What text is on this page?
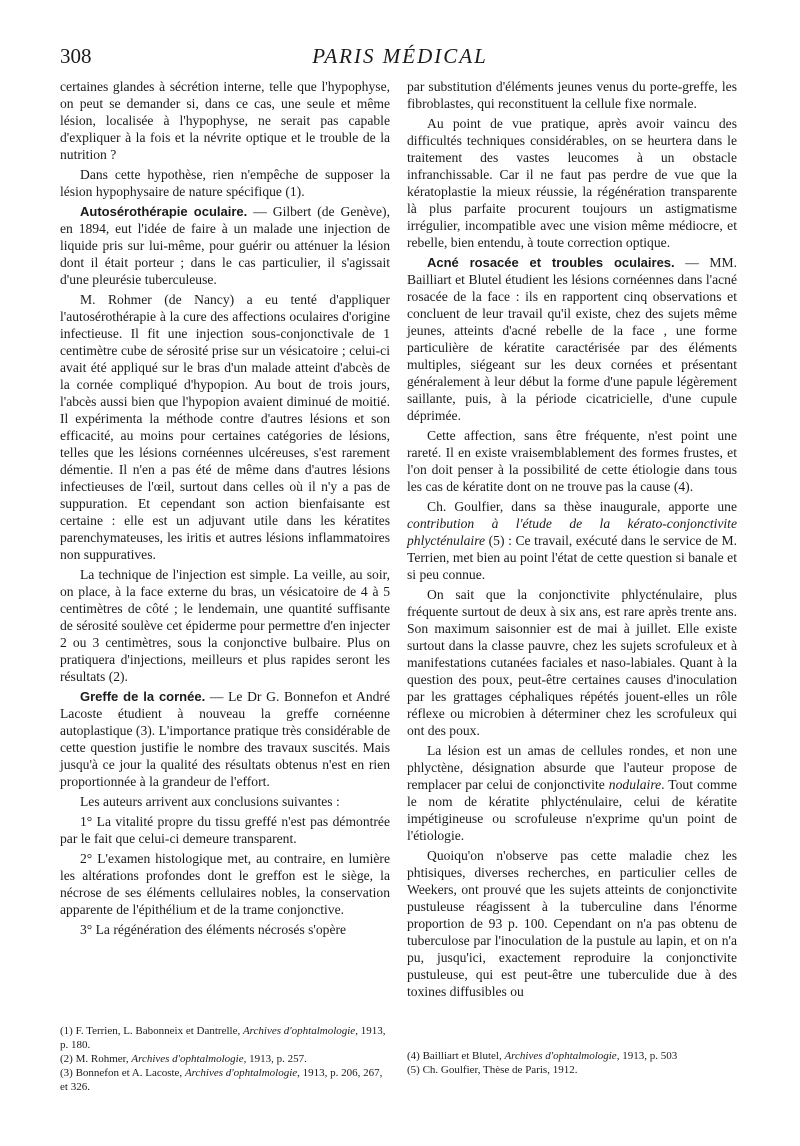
308	PARIS MÉDICAL

certaines glandes à sécrétion interne, telle que l'hypophyse, on peut se demander si, dans ce cas, une seule et même lésion, localisée à l'hypophyse, ne serait pas capable d'expliquer à la fois et la névrite optique et le trouble de la nutrition ?

Dans cette hypothèse, rien n'empêche de supposer la lésion hypophysaire de nature spécifique (1).

Autosérothérapie oculaire. — Gilbert (de Genève), en 1894, eut l'idée de faire à un malade une injection de liquide pris sur lui-même, pour guérir ou atténuer la lésion dont il était porteur ; dans le cas particulier, il s'agissait d'une pleurésie tuberculeuse.

M. Rohmer (de Nancy) a eu tenté d'appliquer l'autosérothérapie à la cure des affections oculaires d'origine infectieuse. Il fit une injection sous-conjonctivale de 1 centimètre cube de sérosité prise sur un vésicatoire ; celui-ci avait été appliqué sur le bras d'un malade atteint d'abcès de la cornée compliqué d'hypopion. Au bout de trois jours, l'abcès aussi bien que l'hypopion avaient diminué de moitié. Il expérimenta la méthode contre d'autres lésions et son efficacité, au moins pour certaines catégories de lésions, telles que les lésions cornéennes ulcéreuses, s'est rarement démentie. Il n'en a pas été de même dans d'autres lésions infectieuses de l'œil, surtout dans celles où il n'y a pas de suppuration. Et cependant son action bienfaisante est certaine : elle est un adjuvant utile dans les kératites parenchymateuses, les iritis et autres lésions inflammatoires non suppuratives.

La technique de l'injection est simple. La veille, au soir, on place, à la face externe du bras, un vésicatoire de 4 à 5 centimètres de côté ; le lendemain, une quantité suffisante de sérosité soulève cet épiderme pour permettre d'en injecter 2 ou 3 centimètres, sous la conjonctive bulbaire. Plus on pratiquera d'injections, meilleurs et plus rapides seront les résultats (2).

Greffe de la cornée. — Le Dr G. Bonnefon et André Lacoste étudient à nouveau la greffe cornéenne autoplastique (3). L'importance pratique très considérable de cette question justifie le nombre des travaux suscités. Mais jusqu'à ce jour la qualité des résultats obtenus n'est en rien proportionnée à la grandeur de l'effort.

Les auteurs arrivent aux conclusions suivantes :

1° La vitalité propre du tissu greffé n'est pas démontrée par le fait que celui-ci demeure transparent.

2° L'examen histologique met, au contraire, en lumière les altérations profondes dont le greffon est le siège, la nécrose de ses éléments cellulaires nobles, la conservation apparente de l'épithélium et de la trame conjonctive.

3° La régénération des éléments nécrosés s'opère

par substitution d'éléments jeunes venus du porte-greffe, les fibroblastes, qui reconstituent la cellule fixe normale.

Au point de vue pratique, après avoir vaincu des difficultés techniques considérables, on se heurtera dans le traitement des vastes leucomes à un obstacle infranchissable. Car il ne faut pas perdre de vue que la kératoplastie la mieux réussie, la régénération transparente là plus parfaite procurent toujours un astigmatisme irrégulier, incompatible avec une vision même médiocre, et rebelle, bien entendu, à toute correction optique.

Acné rosacée et troubles oculaires. — MM. Bailliart et Blutel étudient les lésions cornéennes dans l'acné rosacée de la face : ils en rapportent cinq observations et concluent de leur travail qu'il existe, chez des sujets même jeunes, atteints d'acné rebelle de la face , une forme particulière de kératite caractérisée par des éléments multiples, siégeant sur les deux cornées et présentant généralement à leur début la forme d'une papule légèrement saillante, puis, à la période cicatricielle, d'une cupule déprimée.

Cette affection, sans être fréquente, n'est point une rareté. Il en existe vraisemblablement des formes frustes, et l'on doit penser à la possibilité de cette étiologie dans tous les cas de kératite dont on ne trouve pas la cause (4).

Ch. Goulfier, dans sa thèse inaugurale, apporte une contribution à l'étude de la kérato-conjonctivite phlycténulaire (5) : Ce travail, exécuté dans le service de M. Terrien, met bien au point l'état de cette question si banale et si peu connue.

On sait que la conjonctivite phlycténulaire, plus fréquente surtout de deux à six ans, est rare après trente ans. Son maximum saisonnier est de mai à juillet. Elle existe surtout dans la classe pauvre, chez les sujets scrofuleux et à manifestations cutanées faciales et naso-labiales. Quant à la question des poux, peut-être certaines causes d'inoculation par les grattages céphaliques répétés jouent-elles un rôle réflexe ou microbien à déterminer chez les scrofuleux qui ont des poux.

La lésion est un amas de cellules rondes, et non une phlyctène, désignation absurde que l'auteur propose de remplacer par celui de conjonctivite nodulaire. Tout comme le nom de kératite phlycténulaire, celui de kératite impétigineuse ou scrofuleuse n'exprime qu'un point de l'étiologie.

Quoiqu'on n'observe pas cette maladie chez les phtisiques, diverses recherches, en particulier celles de Weekers, ont prouvé que les sujets atteints de conjonctivite pustuleuse réagissent à la tuberculine dans l'énorme proportion de 93 p. 100. Cependant on n'a pas obtenu de tuberculose par l'inoculation de la pustule au lapin, et on n'a pu, jusqu'ici, exactement reproduire la conjonctivite pustuleuse, qui est peut-être une tuberculide due à des toxines diffusibles ou

(1) F. Terrien, L. Babonneix et Dantrelle, Archives d'ophtalmologie, 1913, p. 180.

(2) M. Rohmer, Archives d'ophtalmologie, 1913, p. 257.

(3) Bonnefon et A. Lacoste, Archives d'ophtalmologie, 1913, p. 206, 267, et 326.

(4) Bailliart et Blutel, Archives d'ophtalmologie, 1913, p. 503

(5) Ch. Goulfier, Thèse de Paris, 1912.
